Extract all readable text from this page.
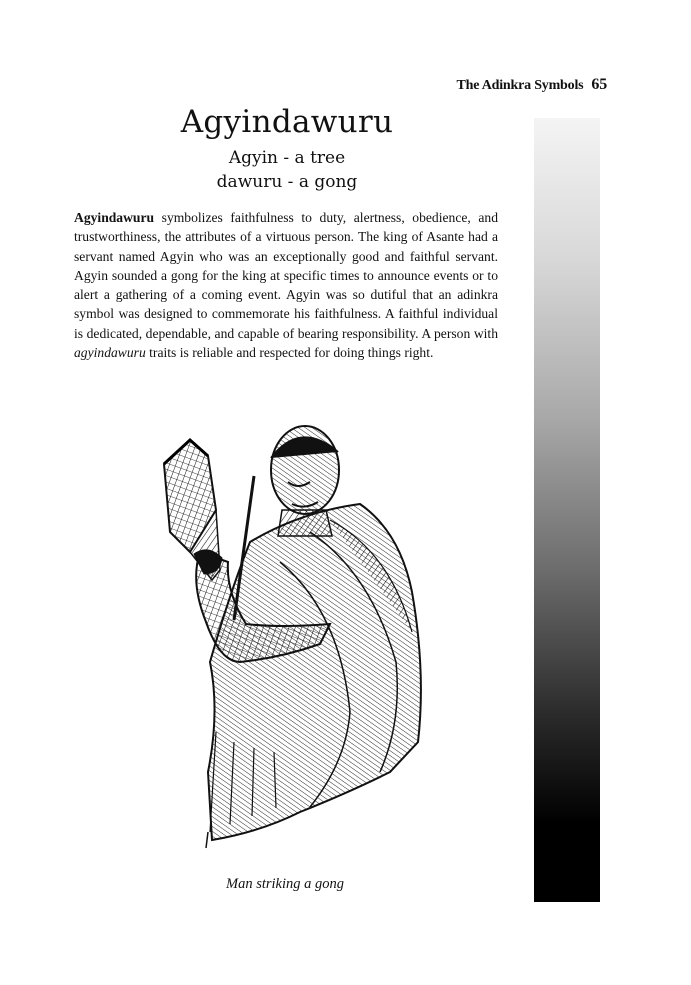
The Adinkra Symbols 65
Agyindawuru

Agyin - a tree

dawuru - a gong

Agyindawuru symbolizes faithfulness to duty, alertness, obedience, and trustworthiness, the attributes of a virtuous person. The king of Asante had a servant named Agyin who was an exceptionally good and faithful servant. Agyin sounded a gong for the king at specific times to announce events or to alert a gathering of a coming event. Agyin was so dutiful that an adinkra symbol was designed to commemorate his faithfulness. A faithful individual is dedicated, dependable, and capable of bearing responsibility. A person with agyindawuru traits is reliable and respected for doing things right.

Man striking a gong
